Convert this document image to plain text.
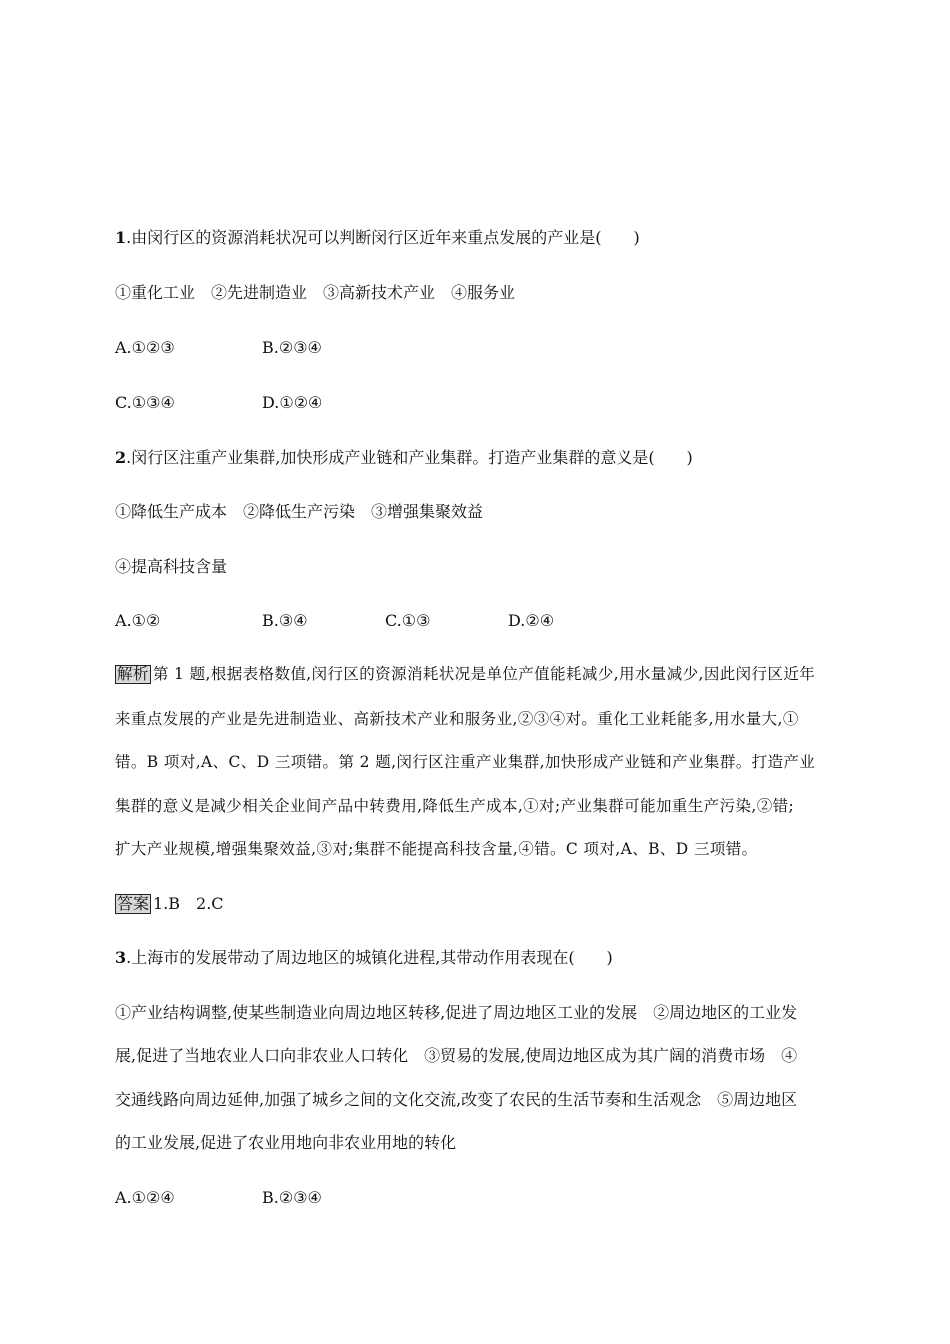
1.由闵行区的资源消耗状况可以判断闵行区近年来重点发展的产业是(　　)
①重化工业　②先进制造业　③高新技术产业　④服务业
A.①②③	B.②③④
C.①③④	D.①②④
2.闵行区注重产业集群,加快形成产业链和产业集群。打造产业集群的意义是(　　)
①降低生产成本　②降低生产污染　③增强集聚效益
④提高科技含量
A.①②	B.③④	C.①③	D.②④
解析 第 1 题,根据表格数值,闵行区的资源消耗状况是单位产值能耗减少,用水量减少,因此闵行区近年
来重点发展的产业是先进制造业、高新技术产业和服务业,②③④对。重化工业耗能多,用水量大,①
错。B 项对,A、C、D 三项错。第 2 题,闵行区注重产业集群,加快形成产业链和产业集群。打造产业
集群的意义是减少相关企业间产品中转费用,降低生产成本,①对;产业集群可能加重生产污染,②错;
扩大产业规模,增强集聚效益,③对;集群不能提高科技含量,④错。C 项对,A、B、D 三项错。
答案 1.B　2.C
3.上海市的发展带动了周边地区的城镇化进程,其带动作用表现在(　　)
①产业结构调整,使某些制造业向周边地区转移,促进了周边地区工业的发展　②周边地区的工业发
展,促进了当地农业人口向非农业人口转化　③贸易的发展,使周边地区成为其广阔的消费市场　④
交通线路向周边延伸,加强了城乡之间的文化交流,改变了农民的生活节奏和生活观念　⑤周边地区
的工业发展,促进了农业用地向非农业用地的转化
A.①②④	B.②③④
